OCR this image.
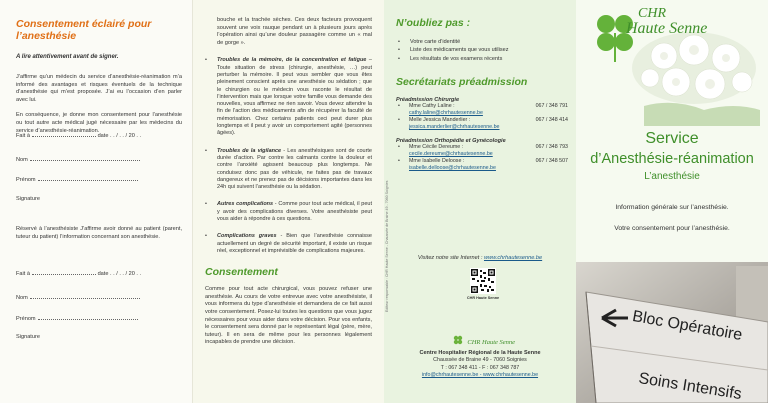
Consentement éclairé pour l’anesthésie

A lire attentivement avant de signer.

J’affirme qu’un médecin du service d’anesthésie-réanimation m’a informé des avantages et risques éventuels de la technique d’anesthésie qui m’est proposée. J’ai eu l’occasion d’en parler avec lui.

En conséquence, je donne mon consentement pour l’anesthésie ou tout autre acte médical jugé nécessaire par les médecins du service d’anesthésie-réanimation.

Fait à	date . . / . . / 20 . .
Nom
Prénom
Signature
Réservé à l’anesthésiste J’affirme avoir donné au patient (parent, tuteur du patient) l’information concernant son anesthésie.
Fait à	date . . / . . / 20 . .
Nom
Prénom
Signature

bouche et la trachée sèches. Ces deux facteurs provoquent souvent une voix rauque pendant un à plusieurs jours après l’opération ainsi qu’une douleur passagère comme un « mal de gorge ».

• Troubles de la mémoire, de la concentration et fatigue – Toute situation de stress (chirurgie, anesthésie, …) peut perturber la mémoire. Il peut vous sembler que vous êtes pleinement conscient après une anesthésie ou sédation ; que le chirurgien ou le médecin vous raconte le résultat de l’intervention mais que lorsque votre famille vous demande des nouvelles, vous affirmez ne rien savoir. Vous devez attendre la fin de l’action des médicaments afin de récupérer la faculté de mémorisation. Chez certains patients ceci peut durer plus longtemps et il peut y avoir un comportement agité (personnes âgées).
• Troubles de la vigilance - Les anesthésiques sont de courte durée d’action. Par contre les calmants contre la douleur et contre l’anxiété agissent beaucoup plus longtemps. Ne conduisez donc pas de véhicule, ne faites pas de travaux dangereux et ne prenez pas de décisions importantes dans les 24h qui suivent l’anesthésie ou la sédation.
• Autres complications - Comme pour tout acte médical, il peut y avoir des complications diverses. Votre anesthésiste peut vous aider à répondre à ces questions.
• Complications graves - Bien que l’anesthésie connaisse actuellement un degré de sécurité important, il existe un risque réel, exceptionnel et imprévisible de complications majeures.

Consentement

Comme pour tout acte chirurgical, vous pouvez refuser une anesthésie. Au cours de votre entrevue avec votre anesthésiste, il vous informera du type d’anesthésie et demandera de ce fait aussi votre consentement. Posez-lui toutes les questions que vous jugez nécessaires pour vous aider dans votre décision. Pour vos enfants, le consentement sera donné par le représentant légal (père, mère, tuteur). Il en sera de même pour les personnes légalement incapables de prendre une décision.

Editeur responsable : CHR Haute Senne - Chaussée de Braine 49 - 7060 Soignies

N’oubliez pas :

• Votre carte d’identité
• Liste des médicaments que vous utilisez
• Les résultats de vos examens récents

Secrétariats préadmission

Préadmission Chirurgie
• Mme Cathy Laline :	067 / 348 791
cathy.laline@chrhautesenne.be
• Melle Jessica Manderlier :	067 / 348 414
jessica.manderlier@chrhautesenne.be
Préadmission Orthopédie et Gynécologie
• Mme Cécile Dereume :	067 / 348 793
cecile.dereume@chrhautesenne.be
• Mme Isabelle Deloose :	067 / 348 507
isabelle.delloose@chrhautesenne.be
Visitez notre site Internet : www.chrhautesenne.be
CHR Haute Senne
CHR Haute Senne
Centre Hospitalier Régional de la Haute Senne
Chaussée de Braine 49 - 7060 Soignies
T : 067 348 411 - F : 067 348 787
info@chrhautesenne.be - www.chrhautesenne.be
CHR
Haute Senne

Service

d’Anesthésie-réanimation

L’anesthésie

Information générale sur l’anesthésie.
Votre consentement pour l’anesthésie.
Bloc Opératoire
Soins Intensifs
